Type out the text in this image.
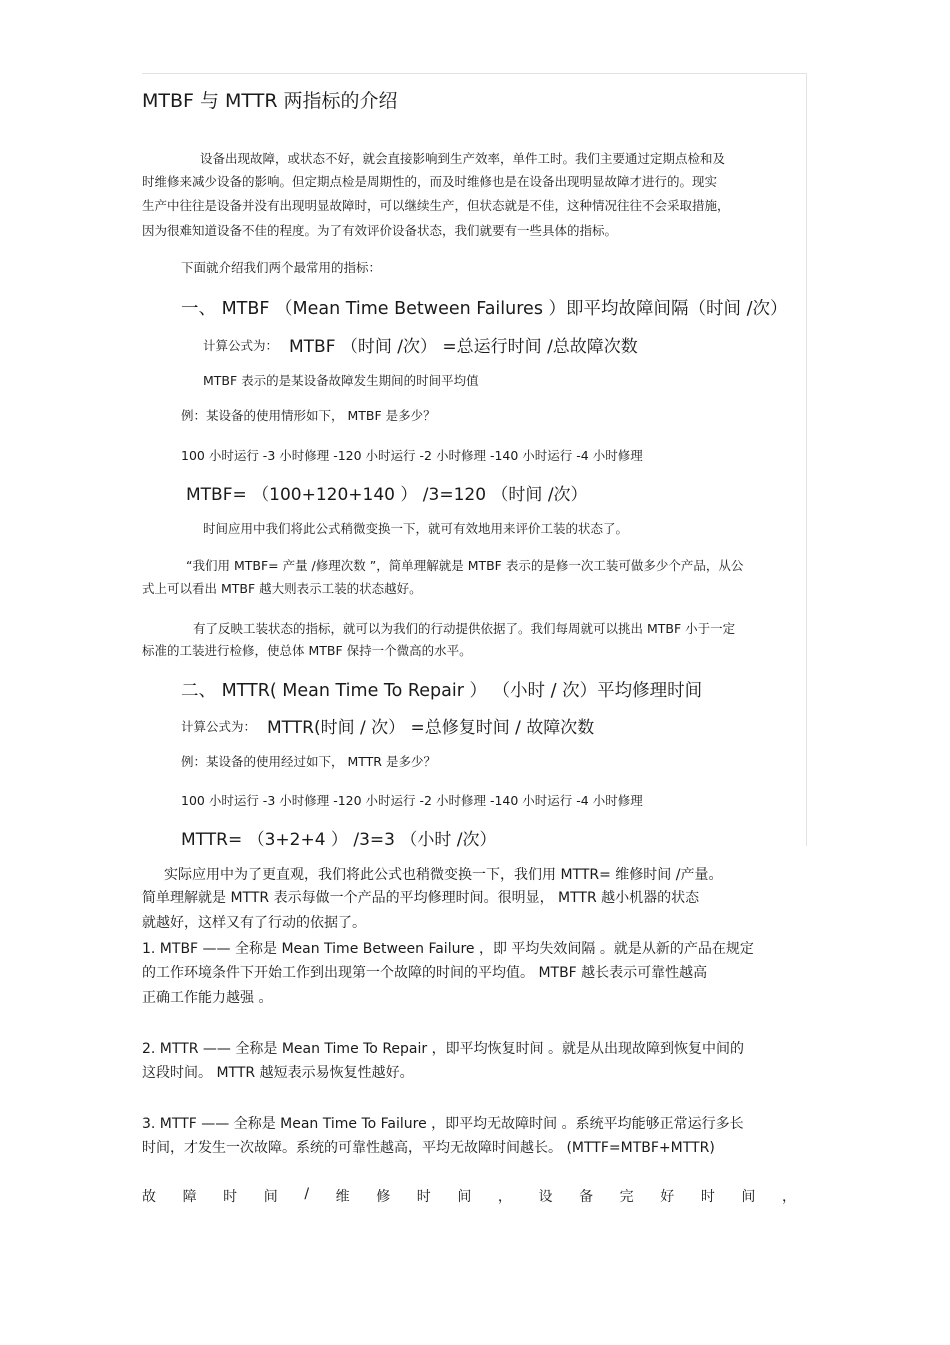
MTBF 与 MTTR 两指标的介绍
设备出现故障，或状态不好，就会直接影响到生产效率，单件工时。我们主要通过定期点检和及
时维修来减少设备的影响。但定期点检是周期性的，而及时维修也是在设备出现明显故障才进行的。现实
生产中往往是设备并没有出现明显故障时，可以继续生产，但状态就是不佳，这种情况往往不会采取措施，
因为很难知道设备不佳的程度。为了有效评价设备状态，我们就要有一些具体的指标。
下面就介绍我们两个最常用的指标：
一、 MTBF （Mean Time Between Failures ）即平均故障间隔（时间 /次）
计算公式为： MTBF （时间 /次） =总运行时间 /总故障次数
MTBF 表示的是某设备故障发生期间的时间平均值
例：某设备的使用情形如下， MTBF 是多少？
100 小时运行 -3 小时修理 -120 小时运行 -2 小时修理 -140 小时运行 -4 小时修理
MTBF= （100+120+140 ） /3=120 （时间 /次）
时间应用中我们将此公式稍微变换一下，就可有效地用来评价工装的状态了。
“我们用 MTBF= 产量 /修理次数 ”，简单理解就是 MTBF 表示的是修一次工装可做多少个产品，从公
式上可以看出 MTBF 越大则表示工装的状态越好。
有了反映工装状态的指标，就可以为我们的行动提供依据了。我们每周就可以挑出 MTBF 小于一定
标准的工装进行检修，使总体 MTBF 保持一个微高的水平。
二、 MTTR( Mean Time To Repair ） （小时 / 次）平均修理时间
计算公式为： MTTR(时间 / 次） =总修复时间 / 故障次数
例：某设备的使用经过如下， MTTR 是多少？
100 小时运行 -3 小时修理 -120 小时运行 -2 小时修理 -140 小时运行 -4 小时修理
MTTR= （3+2+4 ） /3=3 （小时 /次）
实际应用中为了更直观，我们将此公式也稍微变换一下，我们用 MTTR= 维修时间 /产量。
简单理解就是 MTTR 表示每做一个产品的平均修理时间。很明显， MTTR 越小机器的状态
就越好，这样又有了行动的依据了。
1. MTBF —— 全称是 Mean Time Between Failure ，即 平均失效间隔 。就是从新的产品在规定
的工作环境条件下开始工作到出现第一个故障的时间的平均值。 MTBF 越长表示可靠性越高
正确工作能力越强 。
2. MTTR —— 全称是 Mean Time To Repair ，即平均恢复时间 。就是从出现故障到恢复中间的
这段时间。 MTTR 越短表示易恢复性越好。
3. MTTF —— 全称是 Mean Time To Failure ，即平均无故障时间 。系统平均能够正常运行多长
时间，才发生一次故障。系统的可靠性越高，平均无故障时间越长。 (MTTF=MTBF+MTTR)
故 障 时 间 / 维 修 时 间 ， 设 备 完 好 时 间 ，
